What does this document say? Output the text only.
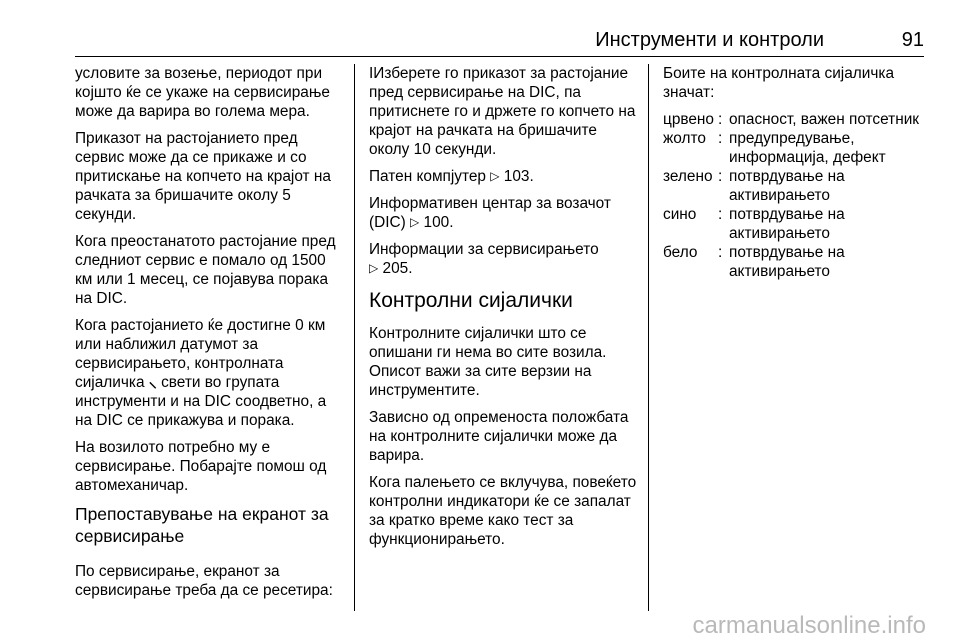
Инструменти и контроли	91

условите за возење, периодот при којшто ќе се укаже на сервисирање може да варира во голема мера.

Приказот на растојанието пред сервис може да се прикаже и со притискање на копчето на крајот на рачката за бришачите околу 5 секунди.

Кога преостанатото растојание пред следниот сервис е помало од 1500 км или 1 месец, се појавува порака на DIC.

Кога растојанието ќе достигне 0 км или наближил датумот за сервисирањето, контролната сијаличка ⸜ свети во групата инструменти и на DIC соодветно, а на DIC се прикажува и порака.

На возилото потребно му е сервисирање. Побарајте помош од автомеханичар.

Препоставување на екранот за сервисирање

По сервисирање, екранот за сервисирање треба да се ресетира:

IИзберете го приказот за растојание пред сервисирање на DIC, па притиснете го и држете го копчето на крајот на рачката на бришачите околу 10 секунди.

Патен компјутер ▷ 103.

Информативен центар за возачот (DIC) ▷ 100.

Информации за сервисирањето
▷ 205.

Контролни сијалички

Контролните сијалички што се опишани ги нема во сите возила. Описот важи за сите верзии на инструментите.

Зависно од опременоста положбата на контролните сијалички може да варира.

Кога палењето се вклучува, повеќето контролни индикатори ќе се запалат за кратко време како тест за функционирањето.

Боите на контролната сијаличка значат:

црвено : опасност, важен потсетник
жолто : предупредување, информација, дефект
зелено : потврдување на активирањето
сино	: потврдување на активирањето
бело	: потврдување на активирањето
carmanualsonline.info
